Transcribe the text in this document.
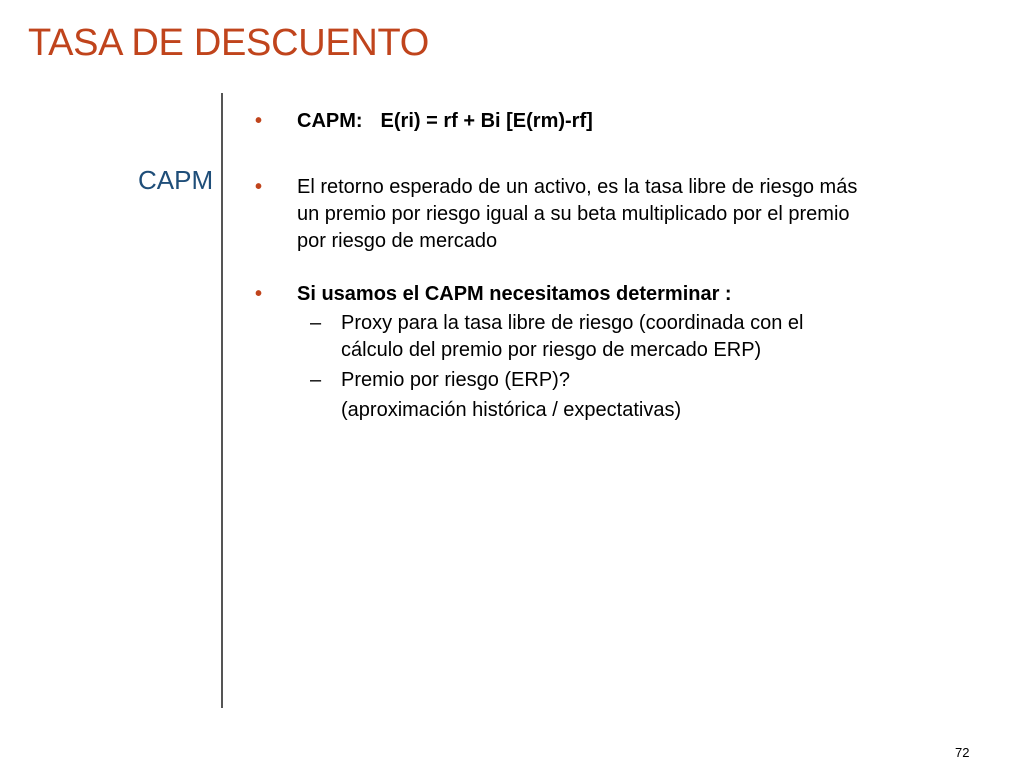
TASA DE DESCUENTO
CAPM
•	CAPM: E(ri) = rf + Bi [E(rm)-rf]
•	El retorno esperado de un activo, es la tasa libre de riesgo más un premio por riesgo igual a su beta multiplicado por el premio por riesgo de mercado
•	Si usamos el CAPM necesitamos determinar :
– Proxy para la tasa libre de riesgo (coordinada con el cálculo del premio por riesgo de mercado ERP)
– Premio por riesgo (ERP)?
(aproximación histórica / expectativas)
72
